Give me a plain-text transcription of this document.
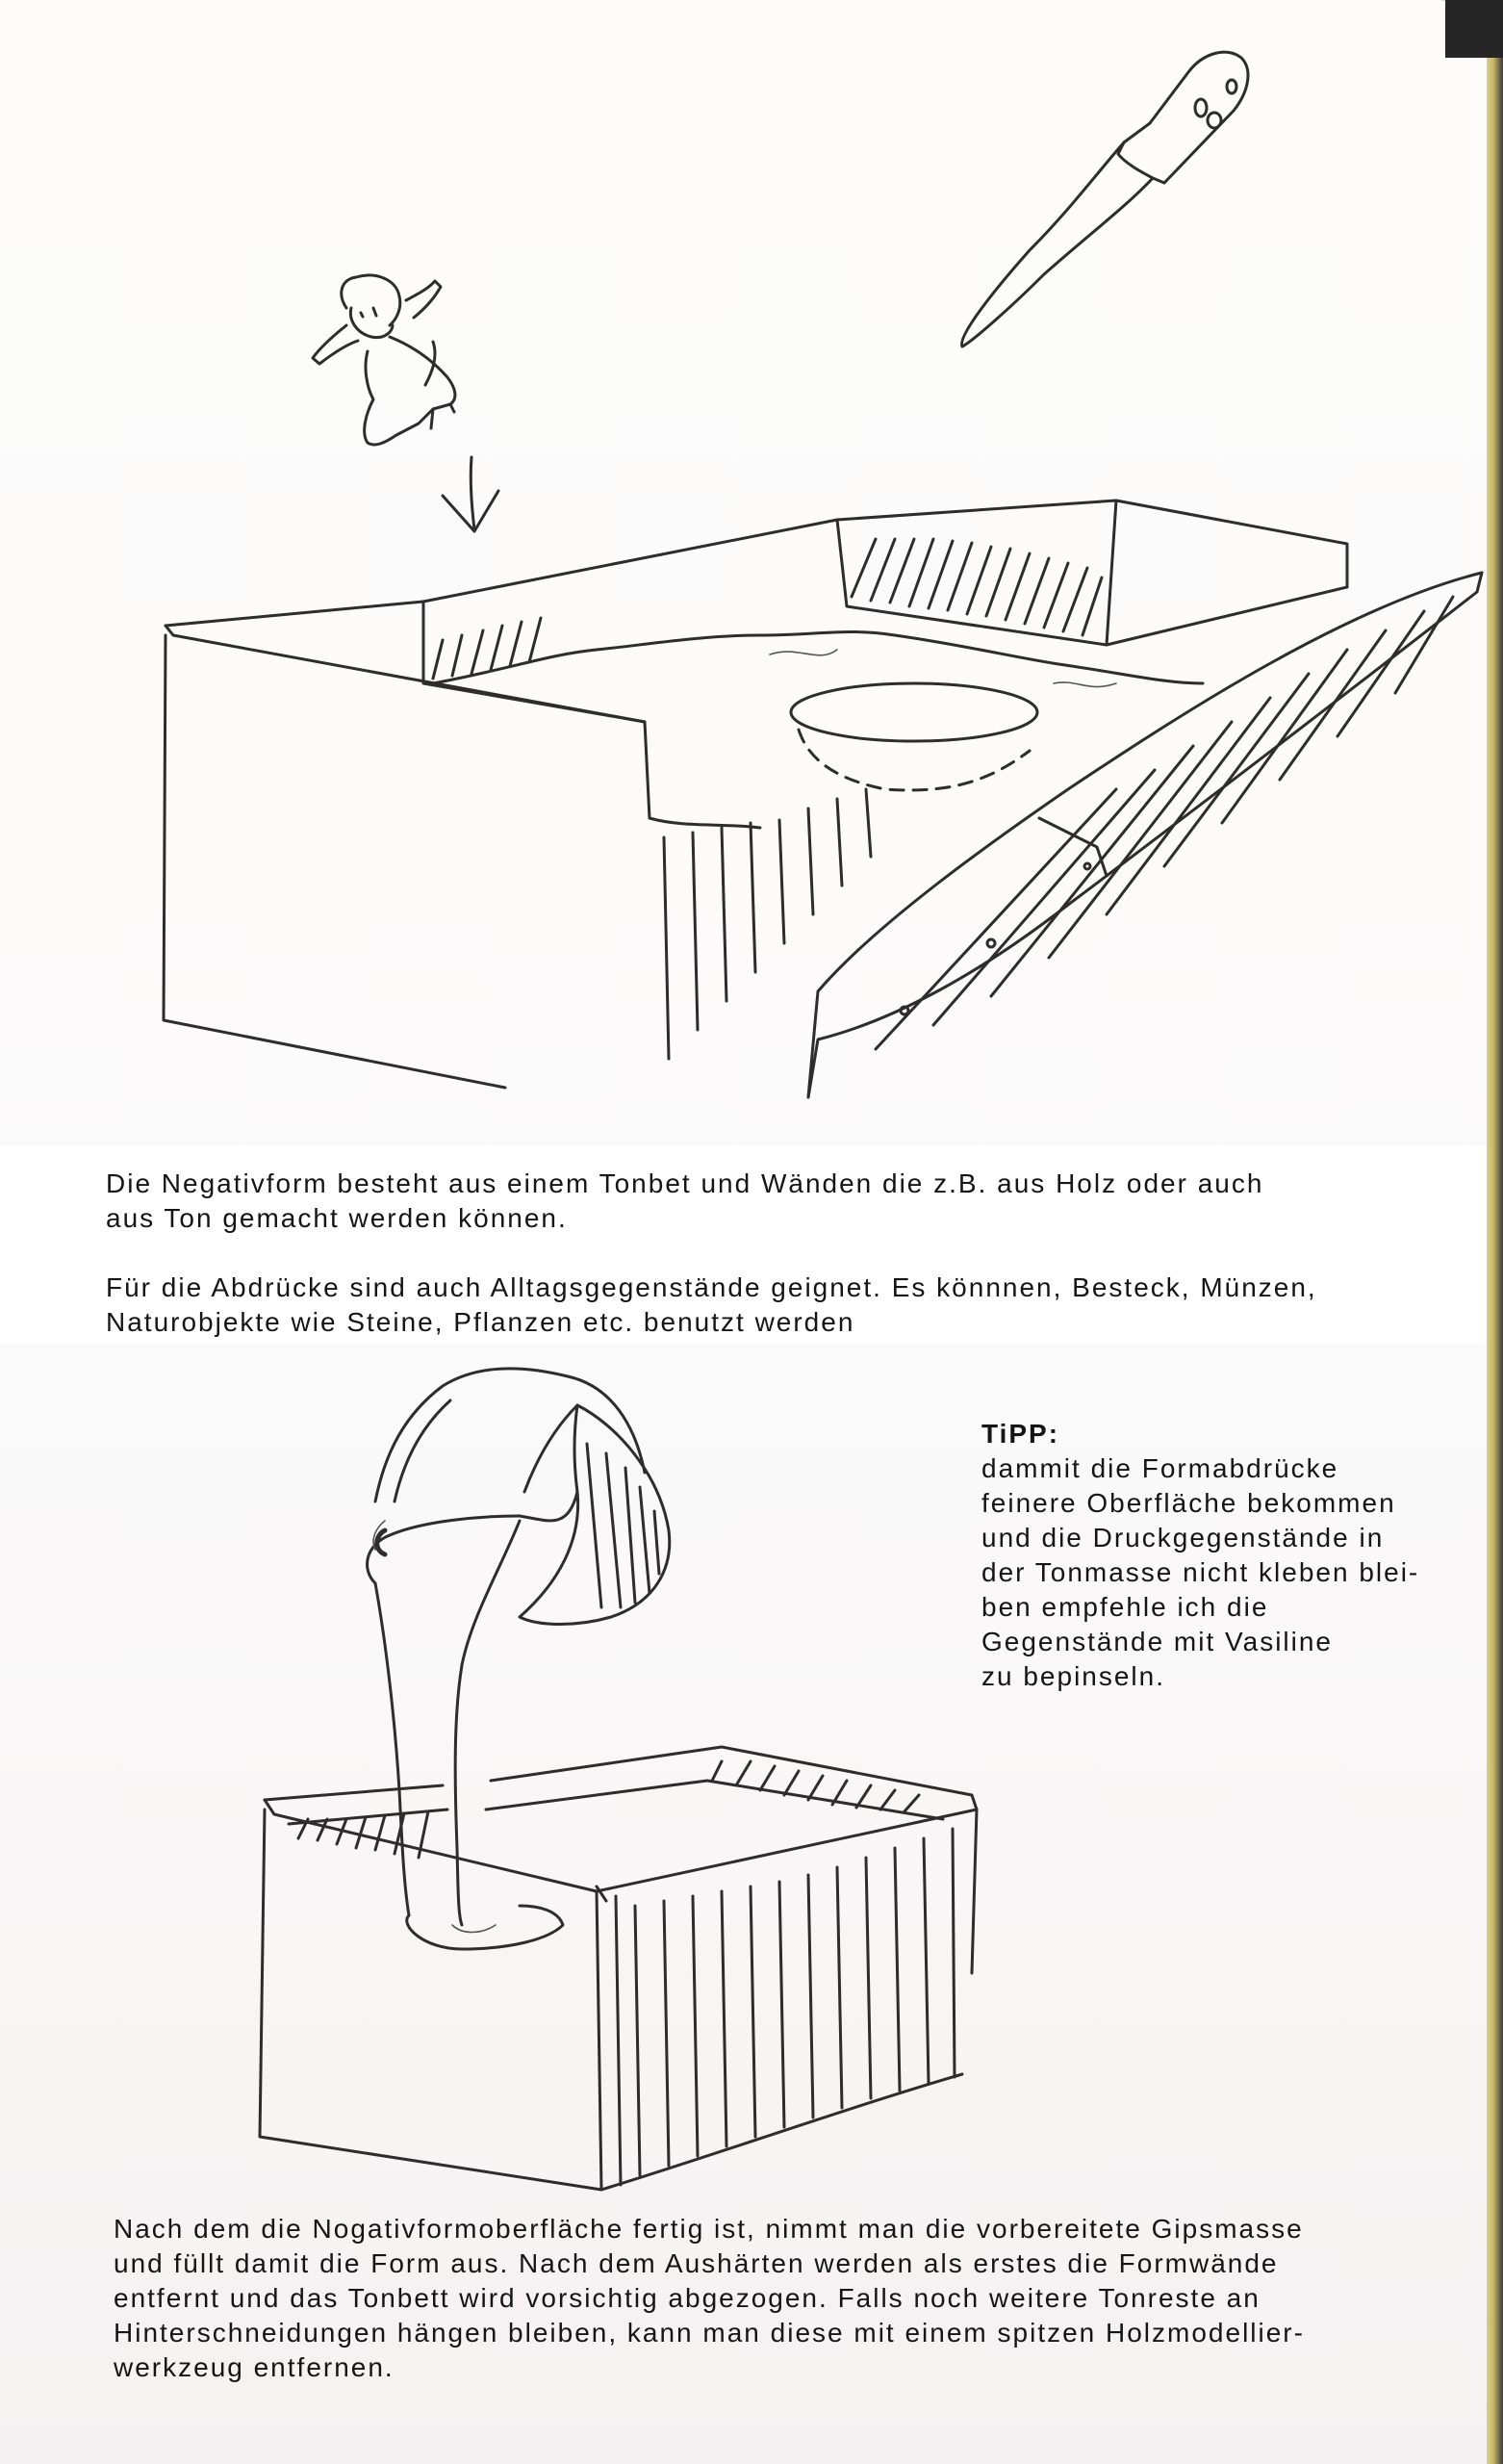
Die Negativform besteht aus einem Tonbet und Wänden die z.B. aus Holz oder auch
aus Ton gemacht werden können.
Für die Abdrücke sind auch Alltagsgegenstände geignet. Es könnnen, Besteck, Münzen,
Naturobjekte wie Steine, Pflanzen etc. benutzt werden
TiPP:
dammit die Formabdrücke
feinere Oberfläche bekommen
und die Druckgegenstände in
der Tonmasse nicht kleben blei-
ben empfehle ich die
Gegenstände mit Vasiline
zu bepinseln.
Nach dem die Nogativformoberfläche fertig ist, nimmt man die vorbereitete Gipsmasse
und füllt damit die Form aus. Nach dem Aushärten werden als erstes die Formwände
entfernt und das Tonbett wird vorsichtig abgezogen. Falls noch weitere Tonreste an
Hinterschneidungen hängen bleiben, kann man diese mit einem spitzen Holzmodellier-
werkzeug entfernen.
